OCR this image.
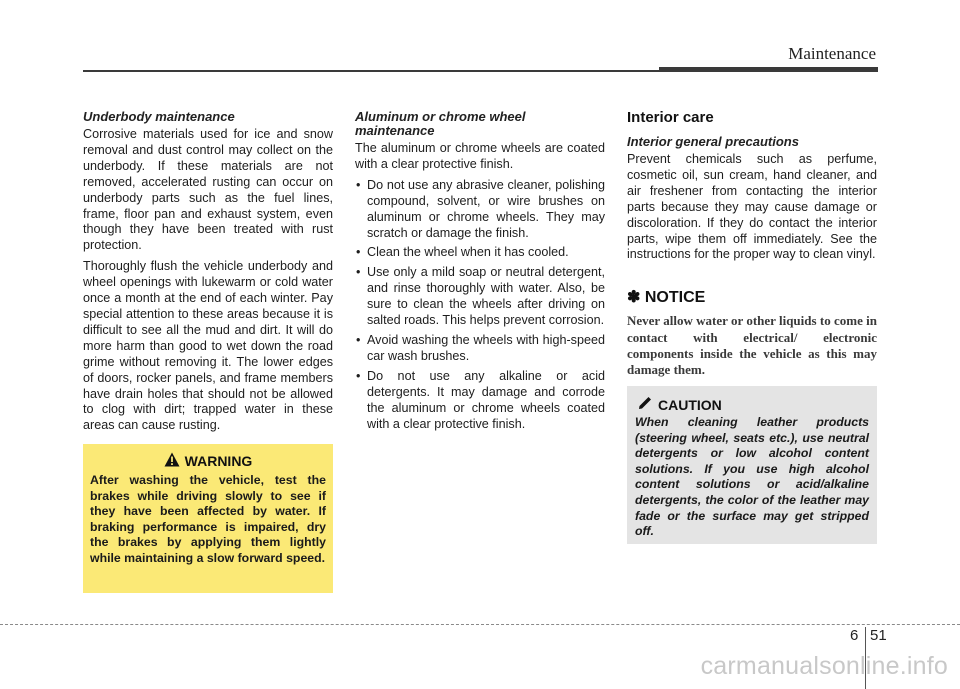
Maintenance
Underbody maintenance

Corrosive materials used for ice and snow removal and dust control may collect on the underbody. If these materials are not removed, accelerated rusting can occur on underbody parts such as the fuel lines, frame, floor pan and exhaust system, even though they have been treated with rust protection.

Thoroughly flush the vehicle underbody and wheel openings with lukewarm or cold water once a month at the end of each winter. Pay special attention to these areas because it is difficult to see all the mud and dirt. It will do more harm than good to wet down the road grime without removing it. The lower edges of doors, rocker panels, and frame members have drain holes that should not be allowed to clog with dirt; trapped water in these areas can cause rusting.

WARNING

After washing the vehicle, test the brakes while driving slowly to see if they have been affected by water. If braking performance is impaired, dry the brakes by applying them lightly while maintaining a slow forward speed.

Aluminum or chrome wheel maintenance

The aluminum or chrome wheels are coated with a clear protective finish.

• Do not use any abrasive cleaner, polishing compound, solvent, or wire brushes on aluminum or chrome wheels. They may scratch or damage the finish.
• Clean the wheel when it has cooled.
• Use only a mild soap or neutral detergent, and rinse thoroughly with water. Also, be sure to clean the wheels after driving on salted roads. This helps prevent corrosion.
• Avoid washing the wheels with high-speed car wash brushes.
• Do not use any alkaline or acid detergents. It may damage and corrode the aluminum or chrome wheels coated with a clear protective finish.
Interior care
Interior general precautions

Prevent chemicals such as perfume, cosmetic oil, sun cream, hand cleaner, and air freshener from contacting the interior parts because they may cause damage or discoloration. If they do contact the interior parts, wipe them off immediately. See the instructions for the proper way to clean vinyl.

✽ NOTICE

Never allow water or other liquids to come in contact with electrical/ electronic components inside the vehicle as this may damage them.

CAUTION

When cleaning leather products (steering wheel, seats etc.), use neutral detergents or low alcohol content solutions. If you use high alcohol content solutions or acid/alkaline detergents, the color of the leather may fade or the surface may get stripped off.

6 51
carmanualsonline.info
